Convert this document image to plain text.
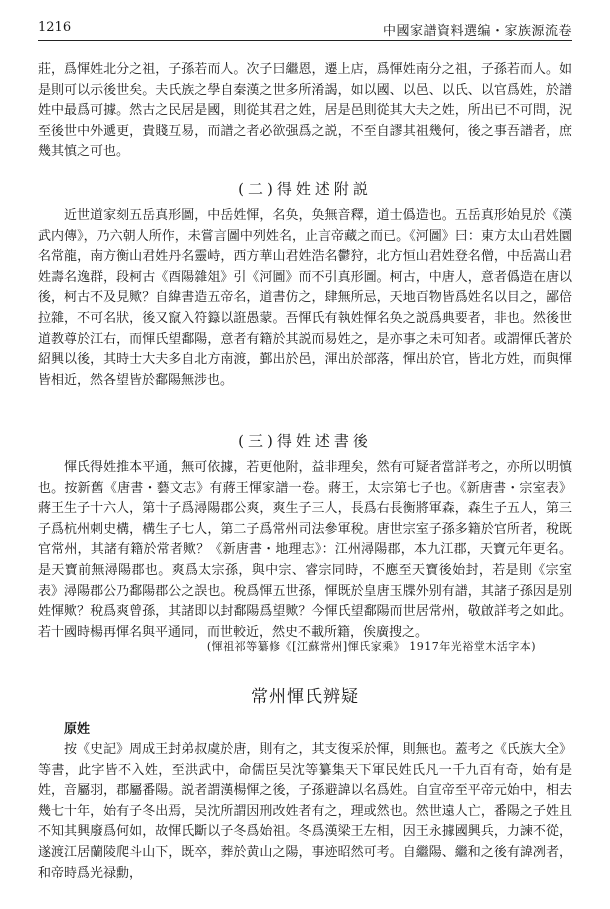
1216	中國家譜資料選编・家族源流卷

莊，爲惲姓北分之祖，子孫若而人。次子曰繼恩，遷上店，爲惲姓南分之祖，子孫若而人。如是則可以示後世矣。夫氏族之學自秦漢之世多所淆謁，如以國、以邑、以氏、以官爲姓，於譜姓中最爲可據。然古之民居是國，則從其君之姓，居是邑則從其大夫之姓，所出已不可問，況至後世中外遞更，貴賤互易，而譜之者必欲强爲之説，不至自謬其祖幾何，後之事吾譜者，庶幾其慎之可也。

(二)得姓述附説

近世道家刻五岳真形圖，中岳姓惲，名奂，奂無音釋，道士僞造也。五岳真形始見於《漢武内傳》，乃六朝人所作，未嘗言圖中列姓名，止言帝藏之而已。《河圖》曰：東方太山君姓圜名常龍，南方衡山君姓丹名靈峙，西方華山君姓浩名鬱狩，北方恒山君姓登名僧，中岳嵩山君姓壽名逸群，段柯古《酉陽雜俎》引《河圖》而不引真形圖。柯古，中唐人，意者僞造在唐以後，柯古不及見歟？自緯書造五帝名，道書仿之，肆無所忌，天地百物皆爲姓名以目之，鄙倍拉雜，不可名狀，後又竄入符籙以誑愚蒙。吾惲氏有執姓惲名奂之説爲典要者，非也。然後世道教尊於江右，而惲氏望鄱陽，意者有籍於其説而易姓之，是亦事之未可知者。或謂惲氏著於紹興以後，其時士大夫多自北方南渡，鄞出於邑，渾出於部落，惲出於官，皆北方姓，而與惲皆相近，然各望皆於鄱陽無涉也。

(三)得姓述書後

惲氏得姓推本平通，無可依據，若更他附，益非理矣，然有可疑者當詳考之，亦所以明慎也。按新舊《唐書・藝文志》有蔣王惲家譜一卷。蔣王，太宗第七子也。《新唐書・宗室表》蔣王生子十六人，第十子爲潯陽郡公爽，爽生子三人，長爲右長衡將軍森，森生子五人，第三子爲杭州刺史構，構生子七人，第二子爲常州司法參軍稅。唐世宗室子孫多籍於官所者，稅既官常州，其諸有籍於常者歟？《新唐書・地理志》：江州潯陽郡，本九江郡，天寶元年更名。是天寶前無潯陽郡也。爽爲太宗孫，與中宗、睿宗同時，不應至天寶後始封，若是則《宗室表》潯陽郡公乃鄱陽郡公之誤也。稅爲惲五世孫，惲既於皇唐玉牒外别有譜，其諸子孫因是别姓惲歟？稅爲爽曾孫，其諸即以封鄱陽爲望歟？今惲氏望鄱陽而世居常州，敬啟詳考之如此。若十國時楊再惲名與平通同，而世較近，然史不載所籍，俟廣搜之。

(惲祖祁等纂修《[江蘇常州]惲氏家乘》 1917年光裕堂木活字本)
常州惲氏辨疑
原姓

按《史記》周成王封弟叔虞於唐，則有之，其支復采於惲，則無也。蓋考之《氏族大全》等書，此字皆不入姓，至洪武中，命儒臣吴沈等纂集天下軍民姓氏凡一千九百有奇，始有是姓，音屬羽，郡屬番陽。説者謂漢楊惲之後，子孫避諱以名爲姓。自宣帝至平帝元始中，相去幾七十年，始有子冬出焉，吴沈所謂因刑改姓者有之，理或然也。然世遠人亡，番陽之子姓且不知其興廢爲何如，故惲氏斷以子冬爲始祖。冬爲漢梁王左相，因王永據國興兵，力諫不從，遂渡江居蘭陵爬斗山下，既卒，葬於黄山之陽，事迹昭然可考。自繼陽、繼和之後有諱冽者，和帝時爲光禄勳，
